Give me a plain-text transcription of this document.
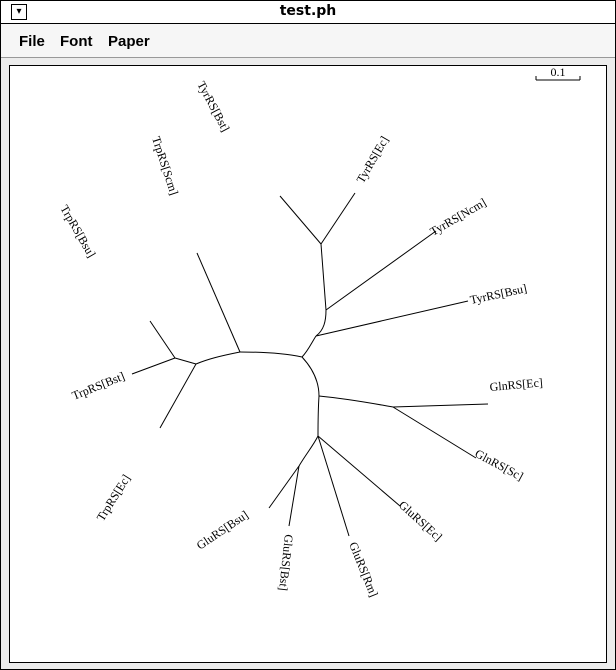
▾	test.ph
File Font Paper
0.1
TyrRS[Bst]
TyrRS[Ec]
TyrRS[Ncm]
TyrRS[Bsu]
GlnRS[Ec]
GlnRS[Sc]
GluRS[Ec]
GluRS[Rm]
GluRS[Bst]
GluRS[Bsu]
TrpRS[Ec]
TrpRS[Bst]
TrpRS[Bsu]
TrpRS[Scm]
